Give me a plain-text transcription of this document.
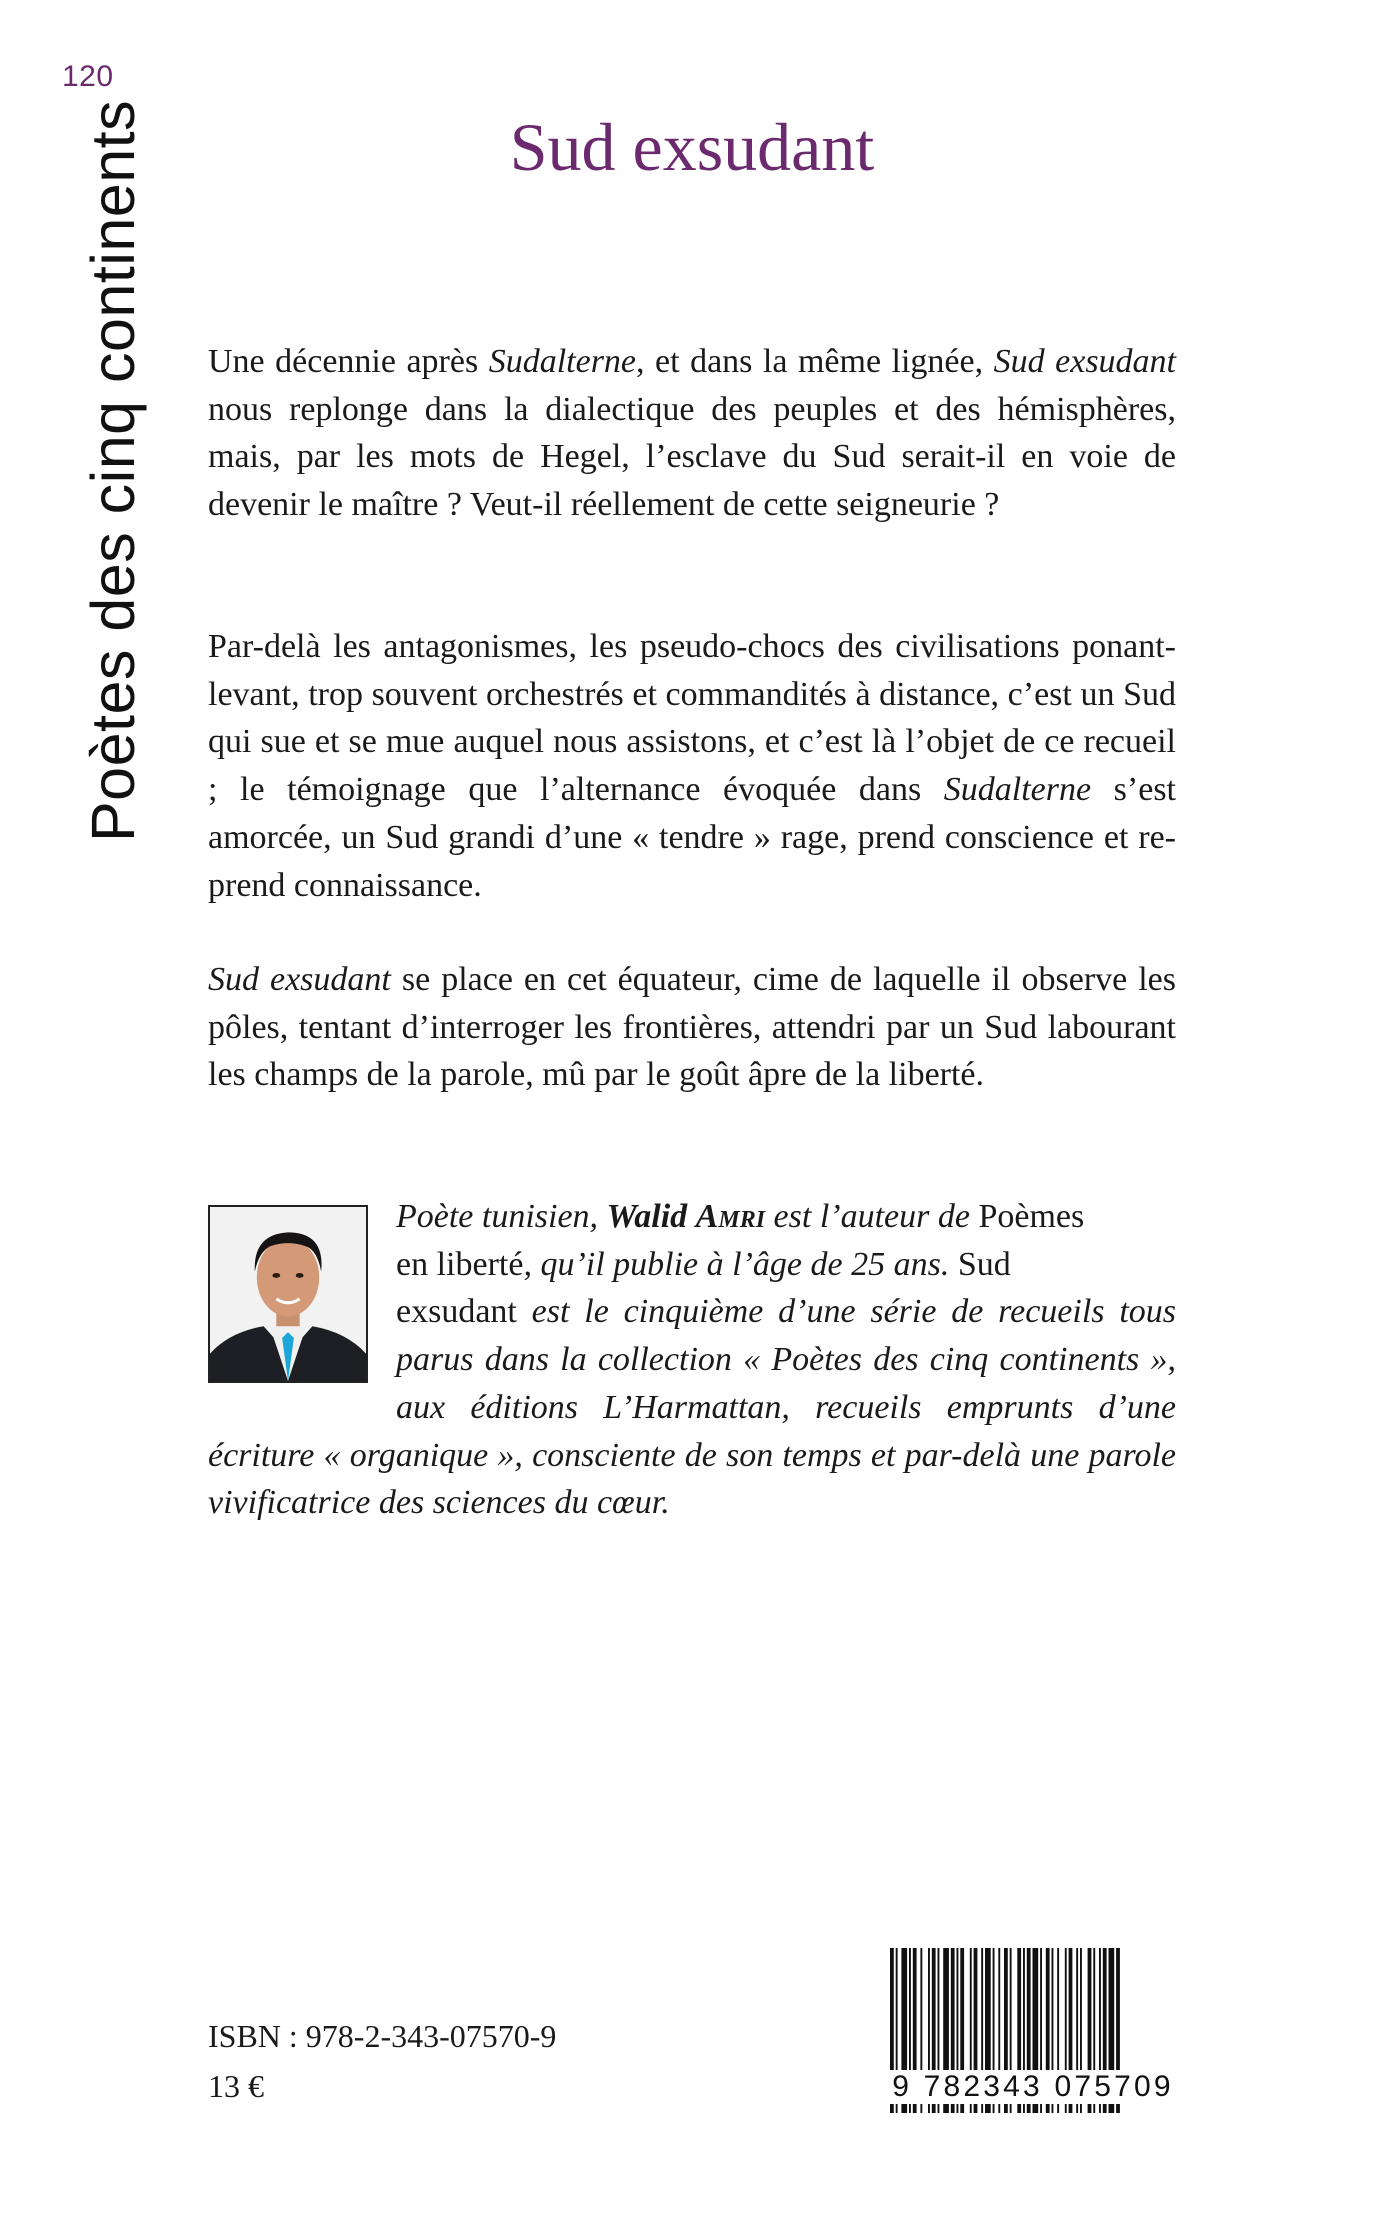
120
Poètes des cinq continents	Sud exsudant

Une décennie après Sudalterne, et dans la même lignée, Sud exsudant nous replonge dans la dialectique des peuples et des hémisphères, mais, par les mots de Hegel, l’esclave du Sud serait-il en voie de devenir le maître ? Veut-il réellement de cette seigneurie ?

Par-delà les antagonismes, les pseudo-chocs des civilisations ponant-levant, trop souvent orchestrés et commandités à distance, c’est un Sud qui sue et se mue auquel nous assistons, et c’est là l’objet de ce recueil ; le témoignage que l’alternance évoquée dans Sudalterne s’est amorcée, un Sud grandi d’une « tendre » rage, prend conscience et re-prend connaissance.

Sud exsudant se place en cet équateur, cime de laquelle il observe les pôles, tentant d’interroger les frontières, attendri par un Sud labourant les champs de la parole, mû par le goût âpre de la liberté.

Poète tunisien, Walid Amri est l’auteur de Poèmes
en liberté, qu’il publie à l’âge de 25 ans. Sud
exsudant est le cinquième d’une série de recueils tous parus dans la collection « Poètes des cinq continents », aux éditions L’Harmattan, recueils emprunts d’une écriture « organique », consciente de son temps et par-delà une parole vivificatrice des sciences du cœur.

ISBN : 978-2-343-07570-9
13 €	9 782343 075709
